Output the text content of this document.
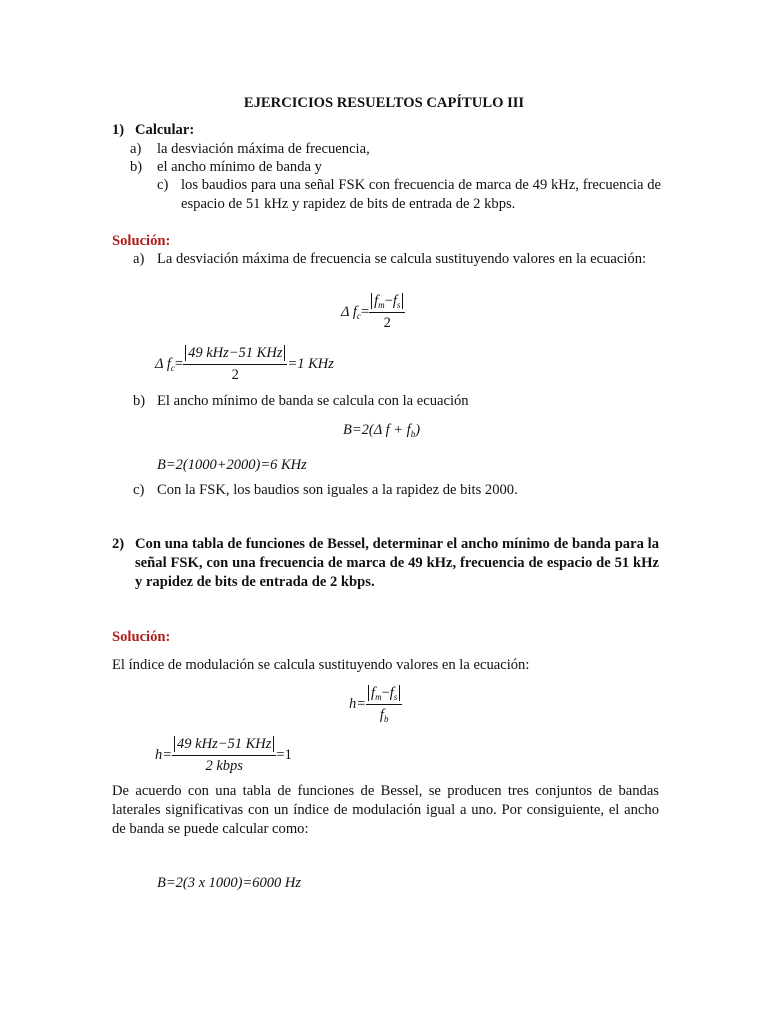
EJERCICIOS RESUELTOS CAPÍTULO III
1) Calcular:
a) la desviación máxima de frecuencia,
b) el ancho mínimo de banda y
c) los baudios para una señal FSK con frecuencia de marca de 49 kHz, frecuencia de espacio de 51 kHz y rapidez de bits de entrada de 2 kbps.
Solución:
a) La desviación máxima de frecuencia se calcula sustituyendo valores en la ecuación:
Δ $f_c= \frac{f_m-f_s}{2}$
Δ $f_c= \frac{\text{49 kHz−51 KHz}}{2} =1$ KHz
b) El ancho mínimo de banda se calcula con la ecuación
B=2(Δ $f + f_b$)
B=2(1000+2000)=6 KHz
c) Con la FSK, los baudios son iguales a la rapidez de bits 2000.
2) Con una tabla de funciones de Bessel, determinar el ancho mínimo de banda para la señal FSK, con una frecuencia de marca de 49 kHz, frecuencia de espacio de 51 kHz y rapidez de bits de entrada de 2 kbps.
Solución:
El índice de modulación se calcula sustituyendo valores en la ecuación:
$h= \frac{f_m-f_s}{f_b}$
$h= \frac{\text{49 kHz−51 KHz}}{\text{2 kbps}} =1$
De acuerdo con una tabla de funciones de Bessel, se producen tres conjuntos de bandas laterales significativas con un índice de modulación igual a uno. Por consiguiente, el ancho de banda se puede calcular como:
B=2(3 x 1000)=6000 Hz
